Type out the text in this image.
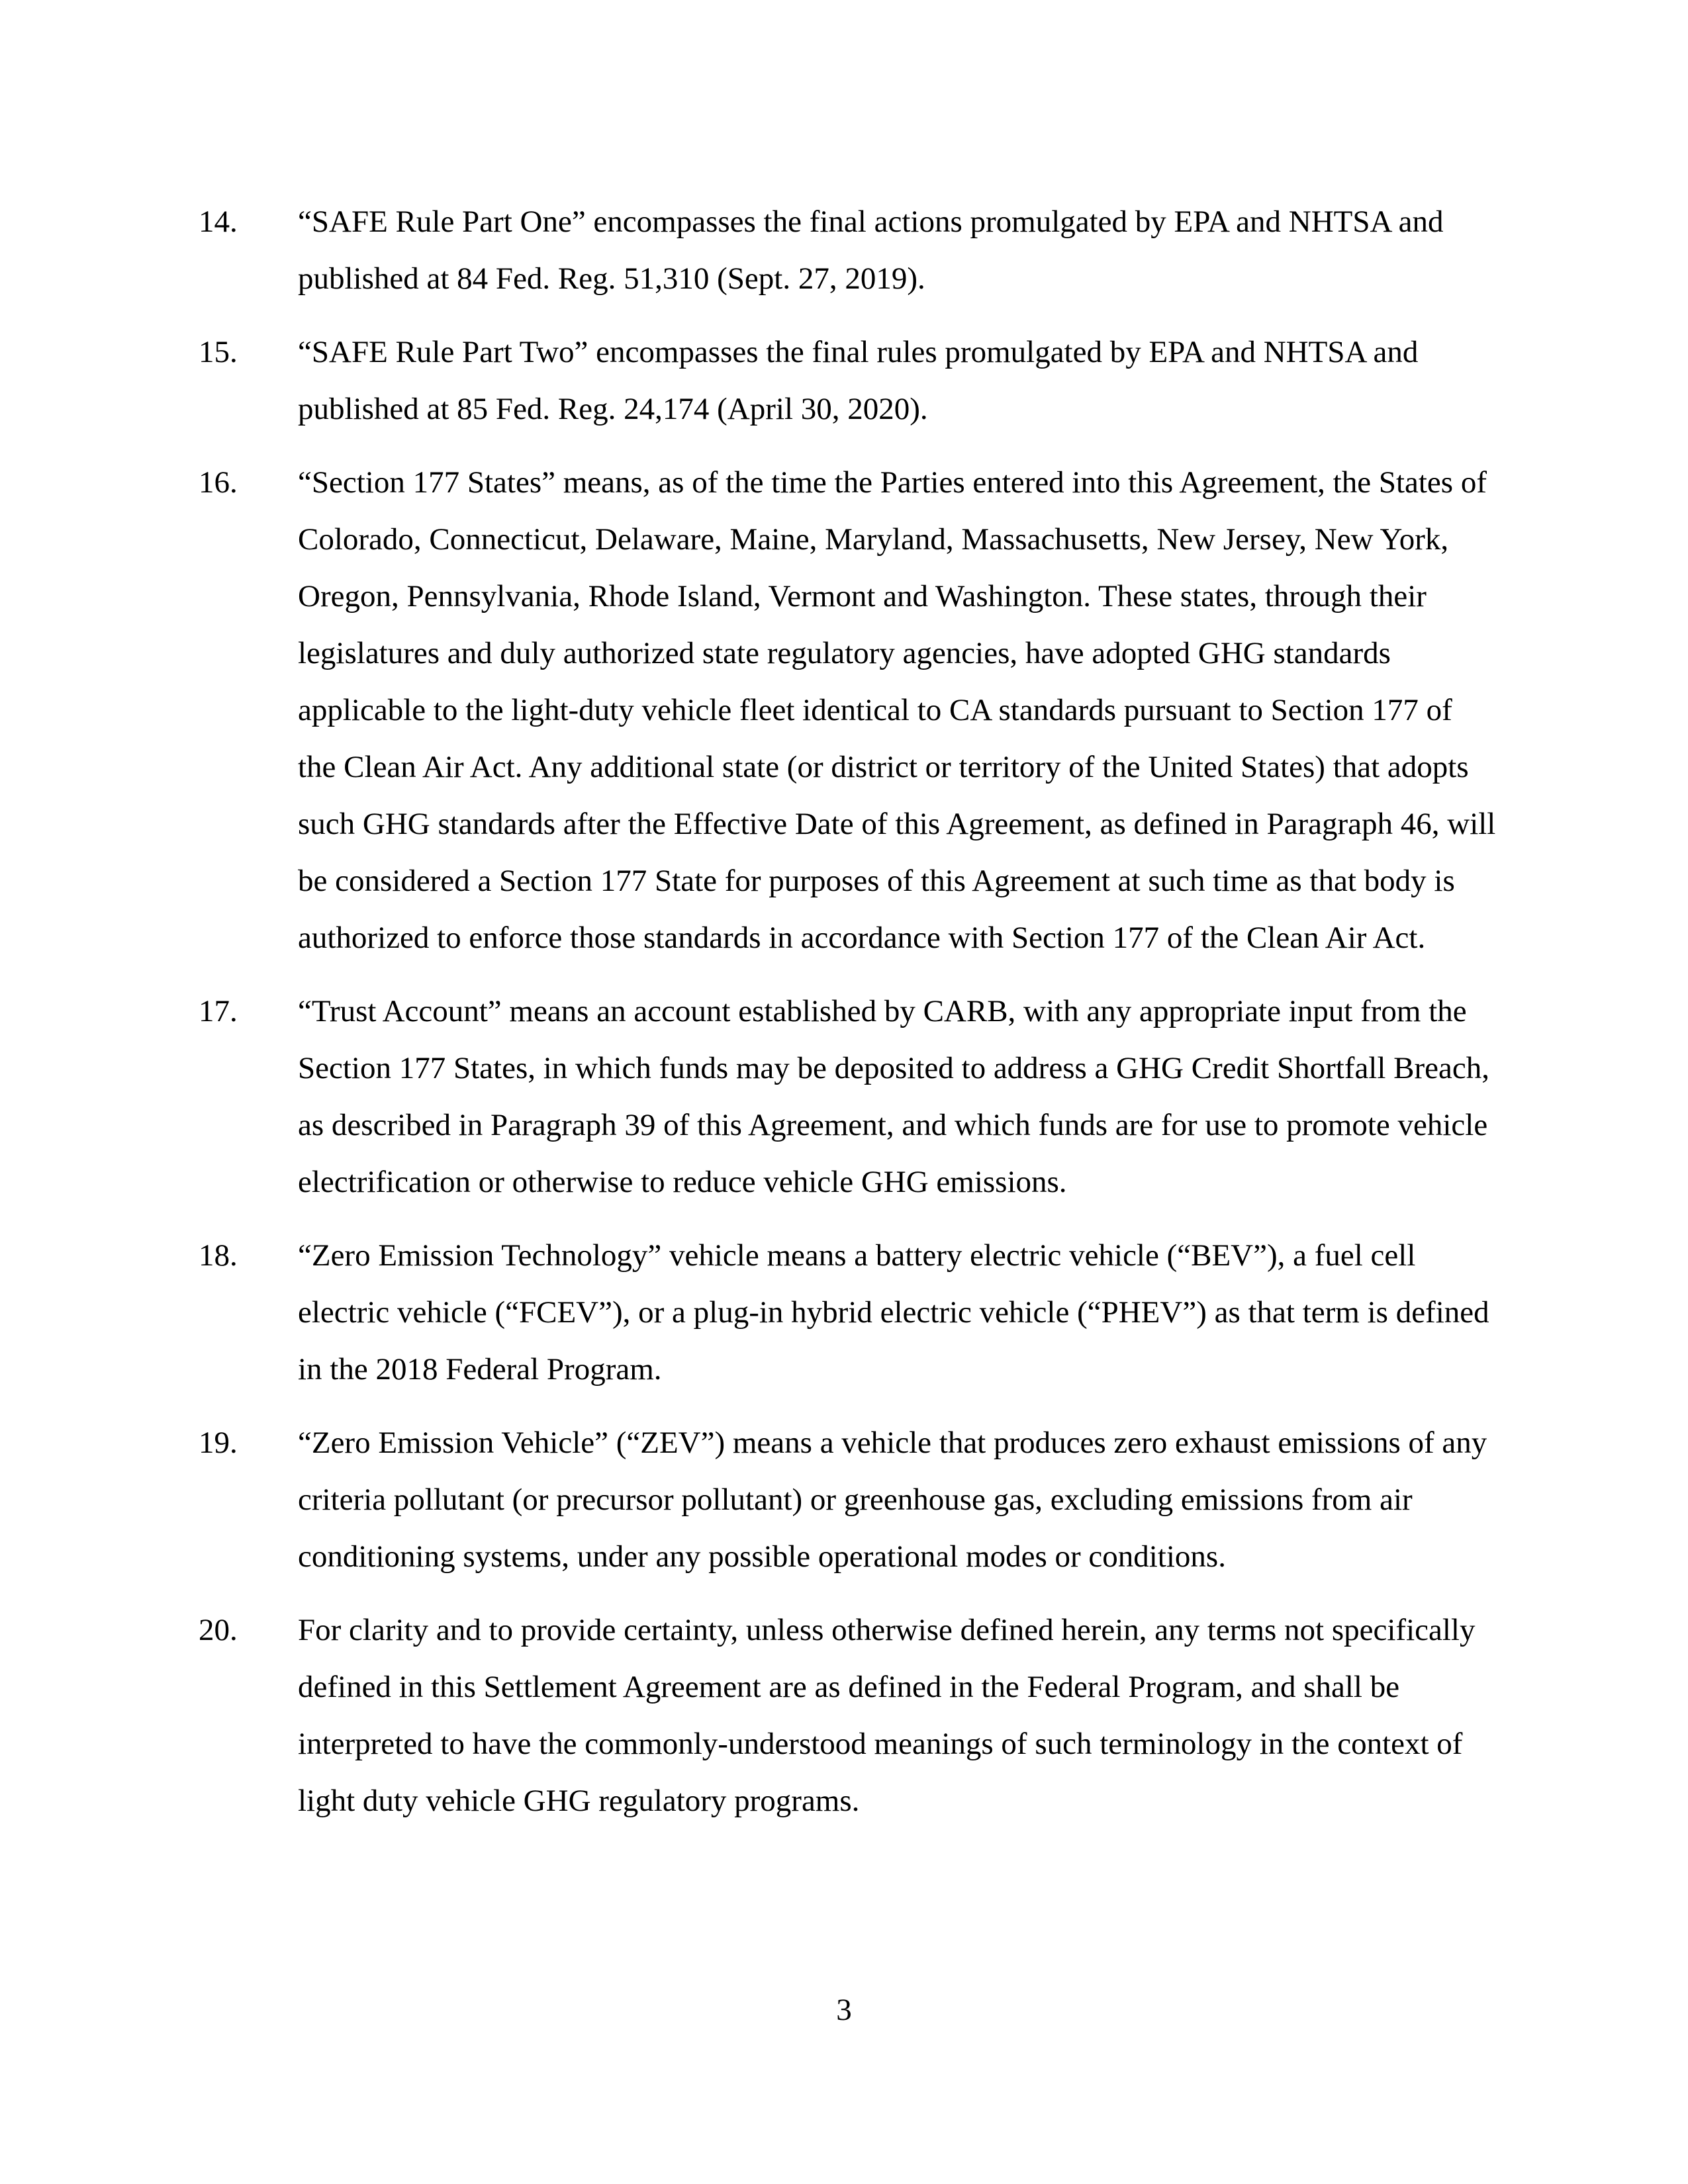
14.	“SAFE Rule Part One” encompasses the final actions promulgated by EPA and NHTSA and published at 84 Fed. Reg. 51,310 (Sept. 27, 2019).
15.	“SAFE Rule Part Two” encompasses the final rules promulgated by EPA and NHTSA and published at 85 Fed. Reg. 24,174 (April 30, 2020).
16.	“Section 177 States” means, as of the time the Parties entered into this Agreement, the States of Colorado, Connecticut, Delaware, Maine, Maryland, Massachusetts, New Jersey, New York, Oregon, Pennsylvania, Rhode Island, Vermont and Washington. These states, through their legislatures and duly authorized state regulatory agencies, have adopted GHG standards applicable to the light-duty vehicle fleet identical to CA standards pursuant to Section 177 of the Clean Air Act. Any additional state (or district or territory of the United States) that adopts such GHG standards after the Effective Date of this Agreement, as defined in Paragraph 46, will be considered a Section 177 State for purposes of this Agreement at such time as that body is authorized to enforce those standards in accordance with Section 177 of the Clean Air Act.
17.	“Trust Account” means an account established by CARB, with any appropriate input from the Section 177 States, in which funds may be deposited to address a GHG Credit Shortfall Breach, as described in Paragraph 39 of this Agreement, and which funds are for use to promote vehicle electrification or otherwise to reduce vehicle GHG emissions.
18.	“Zero Emission Technology” vehicle means a battery electric vehicle (“BEV”), a fuel cell electric vehicle (“FCEV”), or a plug-in hybrid electric vehicle (“PHEV”) as that term is defined in the 2018 Federal Program.
19.	“Zero Emission Vehicle” (“ZEV”) means a vehicle that produces zero exhaust emissions of any criteria pollutant (or precursor pollutant) or greenhouse gas, excluding emissions from air conditioning systems, under any possible operational modes or conditions.
20.	For clarity and to provide certainty, unless otherwise defined herein, any terms not specifically defined in this Settlement Agreement are as defined in the Federal Program, and shall be interpreted to have the commonly-understood meanings of such terminology in the context of light duty vehicle GHG regulatory programs.
3
